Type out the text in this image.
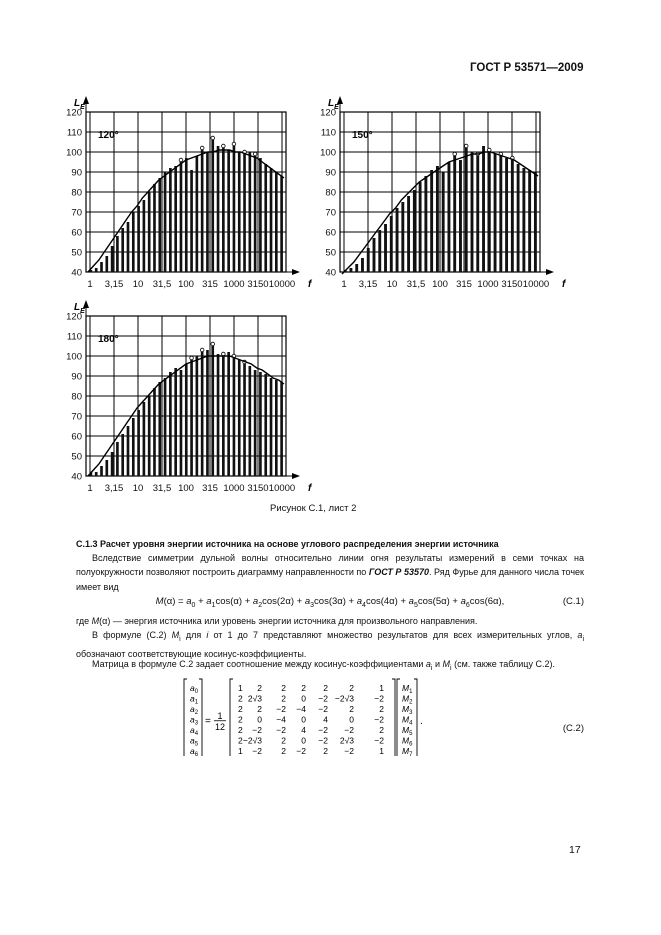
ГОСТ Р 53571—2009
40
50
60
70
80
90
100
110
120
1 3,15 10 31,5 100 315 1000 3150 10000
$L_E$
f
120°
40
50
60
70
80
90
100
110
120
1 3,15 10 31,5 100 315 1000 3150 10000
$L_E$
f
150°
40
50
60
70
80
90
100
110
120
1 3,15 10 31,5 100 315 1000 3150 10000
$L_E$
f
180°
Рисунок С.1, лист 2
С.1.3 Расчет уровня энергии источника на основе углового распределения энергии источника
Вследствие симметрии дульной волны относительно линии огня результаты измерений в семи точках на полуокружности позволяют построить диаграмму направленности по ГОСТ Р 53570. Ряд Фурье для данного числа точек имеет вид
$M(\alpha) = a_0 + a_1\cos(\alpha) + a_2\cos(2\alpha) + a_3\cos(3\alpha) + a_4\cos(4\alpha) + a_5\cos(5\alpha) + a_6\cos(6\alpha)$,	(С.1)
где M(α) — энергия источника или уровень энергии источника для произвольного направления.
В формуле (С.2) $M_i$ для i от 1 до 7 представляют множество результатов для всех измерительных углов, $a_i$ обозначают соответствующие косинус-коэффициенты.
Матрица в формуле С.2 задает соотношение между косинус-коэффициентами $a_i$ и $M_i$ (см. также таблицу С.2).
$a_0$
$a_1$
$a_2$
$a_3$
$a_4$
$a_5$
$a_6$
= 1
12
1 2 2 2 2	2	1
2 2√3 2 0 −2 −2√3 −2
2 2 −2 −4 −2	2	2
2 0 −4 0 4	0 −2
2 −2 −2 4 −2 −2	2
2 −2√3 2 0 −2 2√3 −2
1 −2 2 −2 2 −2	1
$M_1$
$M_2$
$M_3$
$M_4$
$M_5$
$M_6$
$M_7$
.
(С.2)
17
